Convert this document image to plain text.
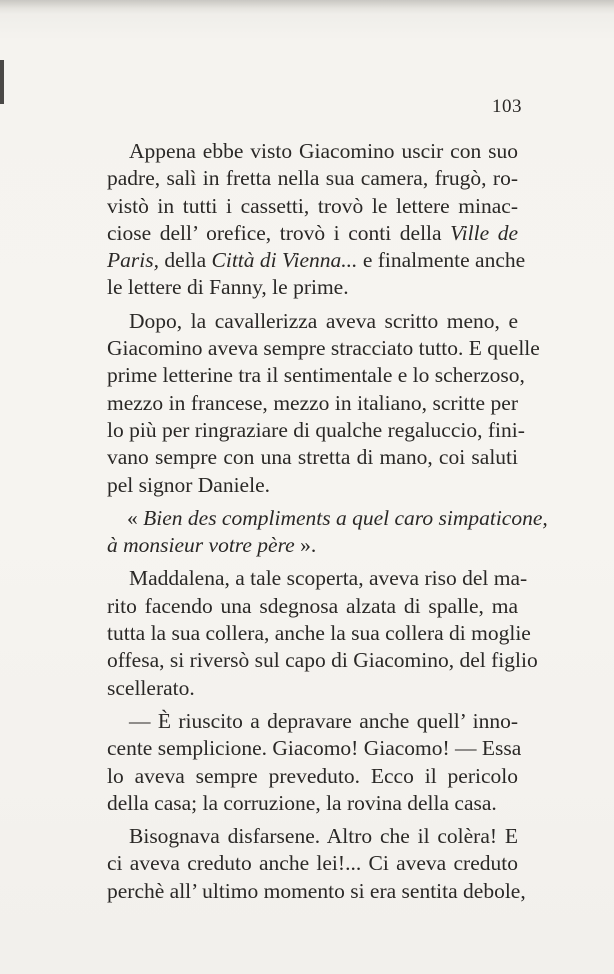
103
Appena ebbe visto Giacomino uscir con suo
padre, salì in fretta nella sua camera, frugò, ro-
vistò in tutti i cassetti, trovò le lettere minac-
ciose dell’ orefice, trovò i conti della Ville de
Paris, della Città di Vienna... e finalmente anche
le lettere di Fanny, le prime.
Dopo, la cavallerizza aveva scritto meno, e
Giacomino aveva sempre stracciato tutto. E quelle
prime letterine tra il sentimentale e lo scherzoso,
mezzo in francese, mezzo in italiano, scritte per
lo più per ringraziare di qualche regaluccio, fini-
vano sempre con una stretta di mano, coi saluti
pel signor Daniele.
« Bien des compliments a quel caro simpaticone,
à monsieur votre père ».
Maddalena, a tale scoperta, aveva riso del ma-
rito facendo una sdegnosa alzata di spalle, ma
tutta la sua collera, anche la sua collera di moglie
offesa, si riversò sul capo di Giacomino, del figlio
scellerato.
— È riuscito a depravare anche quell’ inno-
cente semplicione. Giacomo! Giacomo! — Essa
lo aveva sempre preveduto. Ecco il pericolo
della casa; la corruzione, la rovina della casa.
Bisognava disfarsene. Altro che il colèra! E
ci aveva creduto anche lei!... Ci aveva creduto
perchè all’ ultimo momento si era sentita debole,
